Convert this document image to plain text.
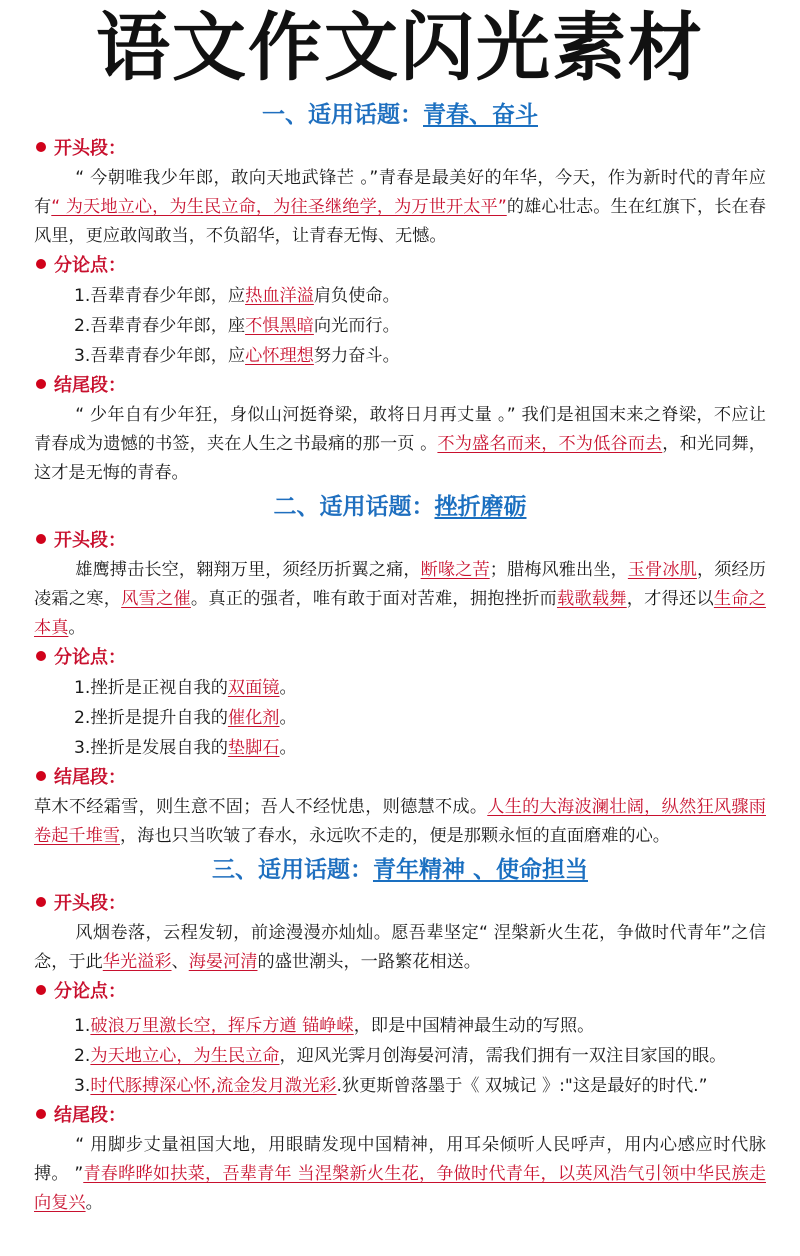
语文作文闪光素材
一、适用话题：青春、奋斗
开头段：

“ 今朝唯我少年郎，敢向天地武锋芒 。”青春是最美好的年华，今天，作为新时代的青年应有“ 为天地立心，为生民立命，为往圣继绝学，为万世开太平”的雄心壮志。生在红旗下，长在春风里，更应敢闯敢当，不负韶华，让青春无悔、无憾。

分论点：

1.吾辈青春少年郎，应热血洋溢肩负使命。

2.吾辈青春少年郎，座不惧黑暗向光而行。

3.吾辈青春少年郎，应心怀理想努力奋斗。

结尾段：

“ 少年自有少年狂，身似山河挺脊梁，敢将日月再丈量 。” 我们是祖国末来之脊梁，不应让青春成为遗憾的书签，夹在人生之书最痛的那一页 。不为盛名而来，不为低谷而去，和光同舞，这才是无悔的青春。

二、适用话题：挫折磨砺
开头段：

雄鹰搏击长空，翱翔万里，须经历折翼之痛，断喙之苦；腊梅风雅出坐，玉骨冰肌，须经历凌霜之寒，风雪之催。真正的强者，唯有敢于面对苦难，拥抱挫折而载歌载舞，才得还以生命之本真。

分论点：

1.挫折是正视自我的双面镜。

2.挫折是提升自我的催化剂。

3.挫折是发展自我的垫脚石。

结尾段：

草木不经霜雪，则生意不固；吾人不经忧患，则德慧不成。人生的大海波澜壮阔，纵然狂风骤雨卷起千堆雪，海也只当吹皱了春水，永远吹不走的，便是那颗永恒的直面磨难的心。

三、适用话题：青年精神 、使命担当
开头段：

风烟卷落，云程发轫，前途漫漫亦灿灿。愿吾辈坚定“ 涅槃新火生花，争做时代青年”之信念，于此华光溢彩、海晏河清的盛世潮头，一路繁花相送。

分论点：

1.破浪万里激长空，挥斥方遒 锚峥嵘，即是中国精神最生动的写照。

2.为天地立心，为生民立命，迎风光霁月创海晏河清，需我们拥有一双注目家国的眼。

3.时代豚搏深心怀,流金发月溦光彩.狄更斯曾落墨于《 双城记 》:"这是最好的时代.”

结尾段：

“ 用脚步丈量祖国大地，用眼睛发现中国精神，用耳朵倾听人民呼声，用内心感应时代脉搏。 ”青春晔晔如扶菜，吾辈青年 当涅槃新火生花，争做时代青年，以英风浩气引领中华民族走向复兴。
